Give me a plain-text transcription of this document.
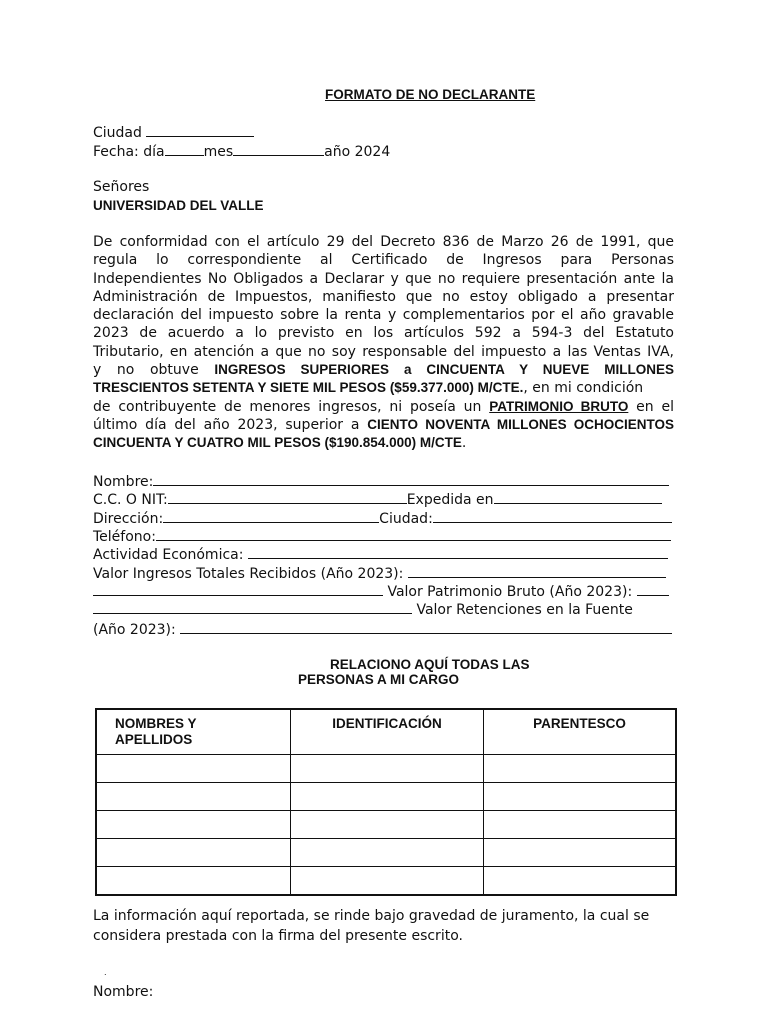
FORMATO DE NO DECLARANTE
Ciudad
Fecha: día	mes	año 2024
Señores
UNIVERSIDAD DEL VALLE
De conformidad con el artículo 29 del Decreto 836 de Marzo 26 de 1991, que
regula lo correspondiente al Certificado de Ingresos para Personas
Independientes No Obligados a Declarar y que no requiere presentación ante la
Administración de Impuestos, manifiesto que no estoy obligado a presentar
declaración del impuesto sobre la renta y complementarios por el año gravable
2023 de acuerdo a lo previsto en los artículos 592 a 594-3 del Estatuto
Tributario, en atención a que no soy responsable del impuesto a las Ventas IVA,
y no obtuve INGRESOS SUPERIORES a CINCUENTA Y NUEVE MILLONES
TRESCIENTOS SETENTA Y SIETE MIL PESOS ($59.377.000) M/CTE., en mi condición
de contribuyente de menores ingresos, ni poseía un PATRIMONIO BRUTO en el
último día del año 2023, superior a CIENTO NOVENTA MILLONES OCHOCIENTOS
CINCUENTA Y CUATRO MIL PESOS ($190.854.000) M/CTE.
Nombre:
C.C. O NIT:	Expedida en
Dirección:	Ciudad:
Teléfono:
Actividad Económica:
Valor Ingresos Totales Recibidos (Año 2023):
Valor Patrimonio Bruto (Año 2023):
Valor Retenciones en la Fuente
(Año 2023):
RELACIONO AQUÍ TODAS LAS
PERSONAS A MI CARGO
NOMBRES Y APELLIDOS	IDENTIFICACIÓN	PARENTESCO

La información aquí reportada, se rinde bajo gravedad de juramento, la cual se
considera prestada con la firma del presente escrito.
.
Nombre:
